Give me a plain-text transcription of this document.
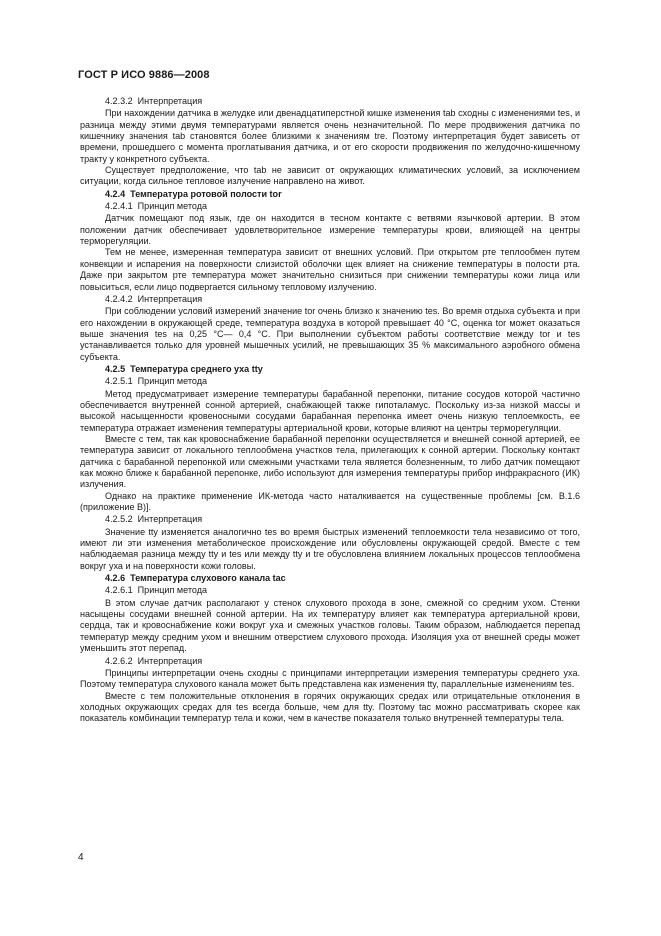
ГОСТ Р ИСО 9886—2008
4.2.3.2 Интерпретация

При нахождении датчика в желудке или двенадцатиперстной кишке изменения tab сходны с изменениями tes, и разница между этими двумя температурами является очень незначительной. По мере продвижения датчика по кишечнику значения tab становятся более близкими к значениям tre. Поэтому интерпретация будет зависеть от времени, прошедшего с момента проглатывания датчика, и от его скорости продвижения по желудочно-кишечному тракту у конкретного субъекта.

Существует предположение, что tab не зависит от окружающих климатических условий, за исключением ситуации, когда сильное тепловое излучение направлено на живот.

4.2.4 Температура ротовой полости tor
4.2.4.1 Принцип метода

Датчик помещают под язык, где он находится в тесном контакте с ветвями язычковой артерии. В этом положении датчик обеспечивает удовлетворительное измерение температуры крови, влияющей на центры терморегуляции.

Тем не менее, измеренная температура зависит от внешних условий. При открытом рте теплообмен путем конвекции и испарения на поверхности слизистой оболочки щек влияет на снижение температуры в полости рта. Даже при закрытом рте температура может значительно снизиться при снижении температуры кожи лица или повыситься, если лицо подвергается сильному тепловому излучению.

4.2.4.2 Интерпретация

При соблюдении условий измерений значение tor очень близко к значению tes. Во время отдыха субъекта и при его нахождении в окружающей среде, температура воздуха в которой превышает 40 °С, оценка tor может оказаться выше значения tes на 0,25 °С— 0,4 °С. При выполнении субъектом работы соответствие между tor и tes устанавливается только для уровней мышечных усилий, не превышающих 35 % максимального аэробного обмена субъекта.

4.2.5 Температура среднего уха tty
4.2.5.1 Принцип метода

Метод предусматривает измерение температуры барабанной перепонки, питание сосудов которой частично обеспечивается внутренней сонной артерией, снабжающей также гипоталамус. Поскольку из-за низкой массы и высокой насыщенности кровеносными сосудами барабанная перепонка имеет очень низкую теплоемкость, ее температура отражает изменения температуры артериальной крови, которые влияют на центры терморегуляции.

Вместе с тем, так как кровоснабжение барабанной перепонки осуществляется и внешней сонной артерией, ее температура зависит от локального теплообмена участков тела, прилегающих к сонной артерии. Поскольку контакт датчика с барабанной перепонкой или смежными участками тела является болезненным, то либо датчик помещают как можно ближе к барабанной перепонке, либо используют для измерения температуры прибор инфракрасного (ИК) излучения.

Однако на практике применение ИК-метода часто наталкивается на существенные проблемы [см. В.1.6 (приложение В)].

4.2.5.2 Интерпретация

Значение tty изменяется аналогично tes во время быстрых изменений теплоемкости тела независимо от того, имеют ли эти изменения метаболическое происхождение или обусловлены окружающей средой. Вместе с тем наблюдаемая разница между tty и tes или между tty и tre обусловлена влиянием локальных процессов теплообмена вокруг уха и на поверхности кожи головы.

4.2.6 Температура слухового канала tac
4.2.6.1 Принцип метода

В этом случае датчик располагают у стенок слухового прохода в зоне, смежной со средним ухом. Стенки насыщены сосудами внешней сонной артерии. На их температуру влияет как температура артериальной крови, сердца, так и кровоснабжение кожи вокруг уха и смежных участков головы. Таким образом, наблюдается перепад температур между средним ухом и внешним отверстием слухового прохода. Изоляция уха от внешней среды может уменьшить этот перепад.

4.2.6.2 Интерпретация

Принципы интерпретации очень сходны с принципами интерпретации измерения температуры среднего уха. Поэтому температура слухового канала может быть представлена как изменения tty, параллельные изменениям tes.

Вместе с тем положительные отклонения в горячих окружающих средах или отрицательные отклонения в холодных окружающих средах для tes всегда больше, чем для tty. Поэтому tac можно рассматривать скорее как показатель комбинации температур тела и кожи, чем в качестве показателя только внутренней температуры тела.

4
